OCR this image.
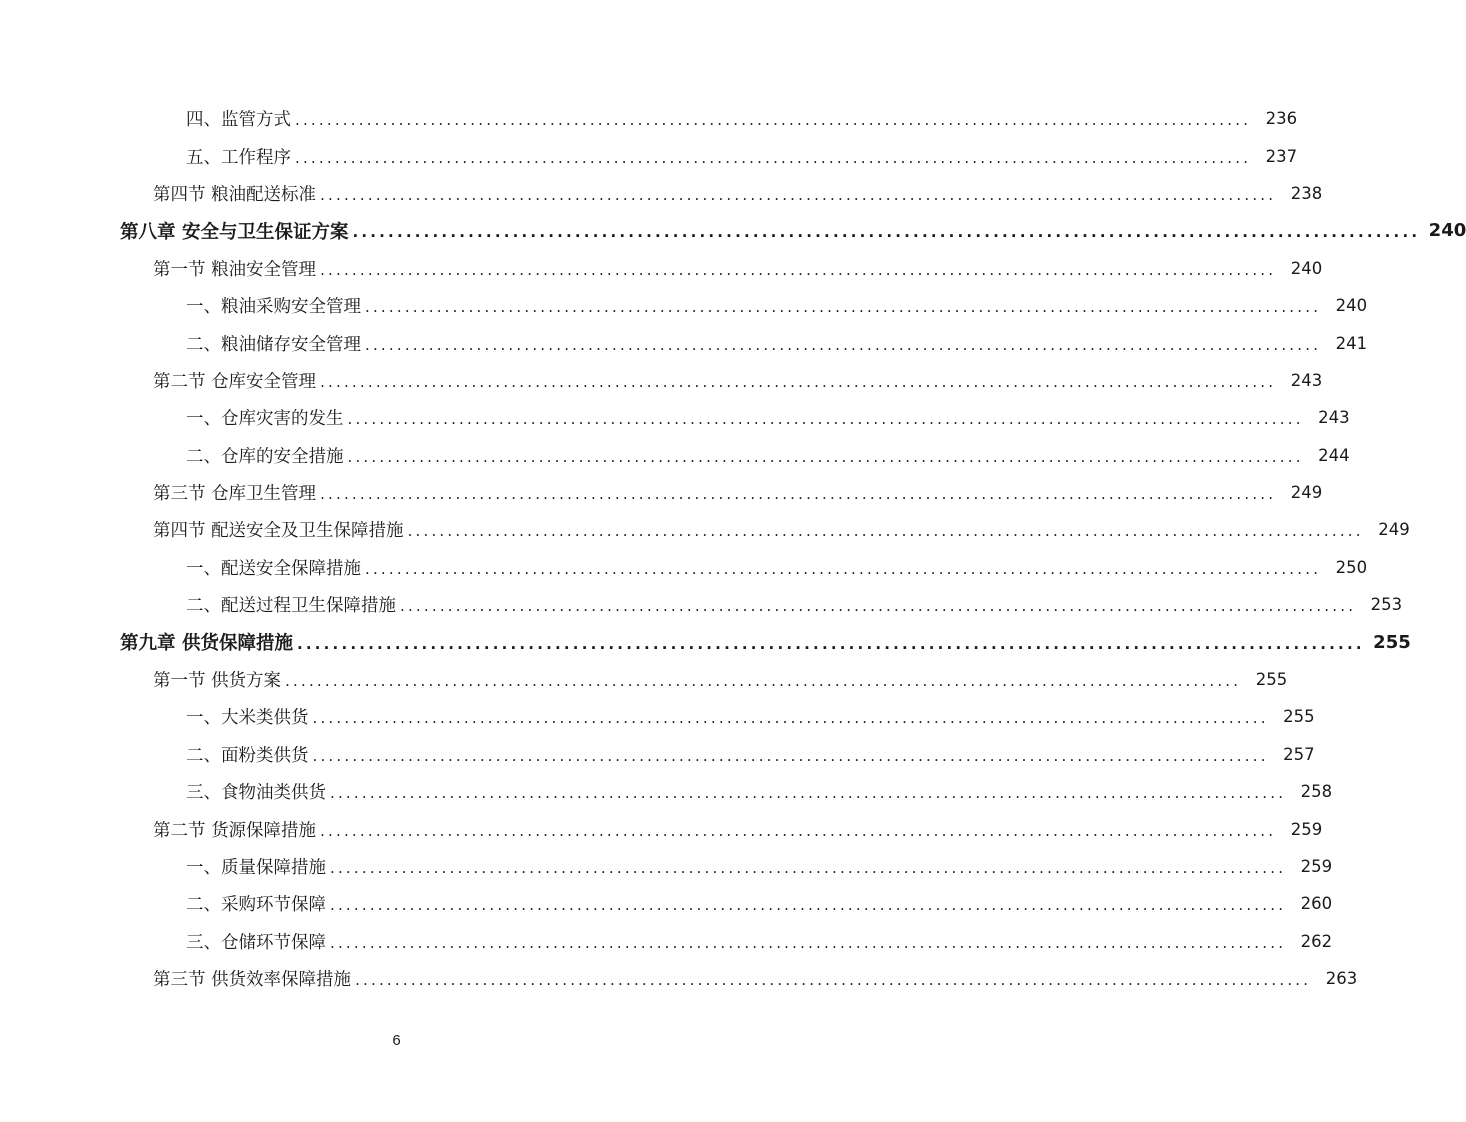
四、监管方式 ........................................................................................................................ 236
五、工作程序 ........................................................................................................................ 237
第四节 粮油配送标准 ........................................................................................................................ 238
第八章 安全与卫生保证方案 ........................................................................................................................ 240
第一节 粮油安全管理 ........................................................................................................................ 240
一、粮油采购安全管理 ........................................................................................................................ 240
二、粮油储存安全管理 ........................................................................................................................ 241
第二节 仓库安全管理 ........................................................................................................................ 243
一、仓库灾害的发生 ........................................................................................................................ 243
二、仓库的安全措施 ........................................................................................................................ 244
第三节 仓库卫生管理 ........................................................................................................................ 249
第四节 配送安全及卫生保障措施 ........................................................................................................................ 249
一、配送安全保障措施 ........................................................................................................................ 250
二、配送过程卫生保障措施 ........................................................................................................................ 253
第九章 供货保障措施 ........................................................................................................................ 255
第一节 供货方案 ........................................................................................................................ 255
一、大米类供货 ........................................................................................................................ 255
二、面粉类供货 ........................................................................................................................ 257
三、食物油类供货 ........................................................................................................................ 258
第二节 货源保障措施 ........................................................................................................................ 259
一、质量保障措施 ........................................................................................................................ 259
二、采购环节保障 ........................................................................................................................ 260
三、仓储环节保障 ........................................................................................................................ 262
第三节 供货效率保障措施 ........................................................................................................................ 263
6
